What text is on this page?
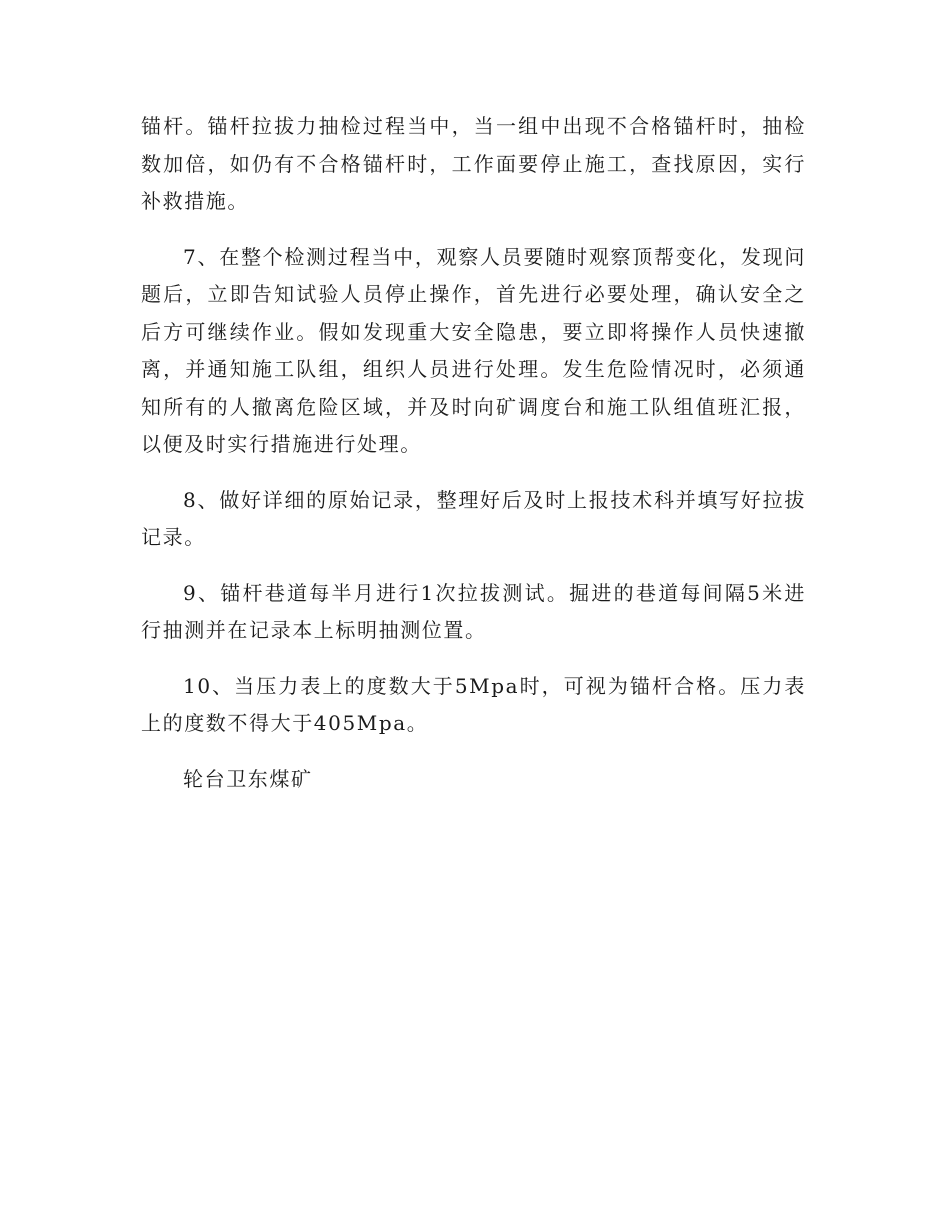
锚杆。锚杆拉拔力抽检过程当中，当一组中出现不合格锚杆时，抽检数加倍，如仍有不合格锚杆时，工作面要停止施工，查找原因，实行补救措施。

7、在整个检测过程当中，观察人员要随时观察顶帮变化，发现问题后，立即告知试验人员停止操作，首先进行必要处理，确认安全之后方可继续作业。假如发现重大安全隐患，要立即将操作人员快速撤离，并通知施工队组，组织人员进行处理。发生危险情况时，必须通知所有的人撤离危险区域，并及时向矿调度台和施工队组值班汇报，以便及时实行措施进行处理。

8、做好详细的原始记录，整理好后及时上报技术科并填写好拉拔记录。

9、锚杆巷道每半月进行1次拉拔测试。掘进的巷道每间隔5米进行抽测并在记录本上标明抽测位置。

10、当压力表上的度数大于5Mpa时，可视为锚杆合格。压力表上的度数不得大于405Mpa。

轮台卫东煤矿
